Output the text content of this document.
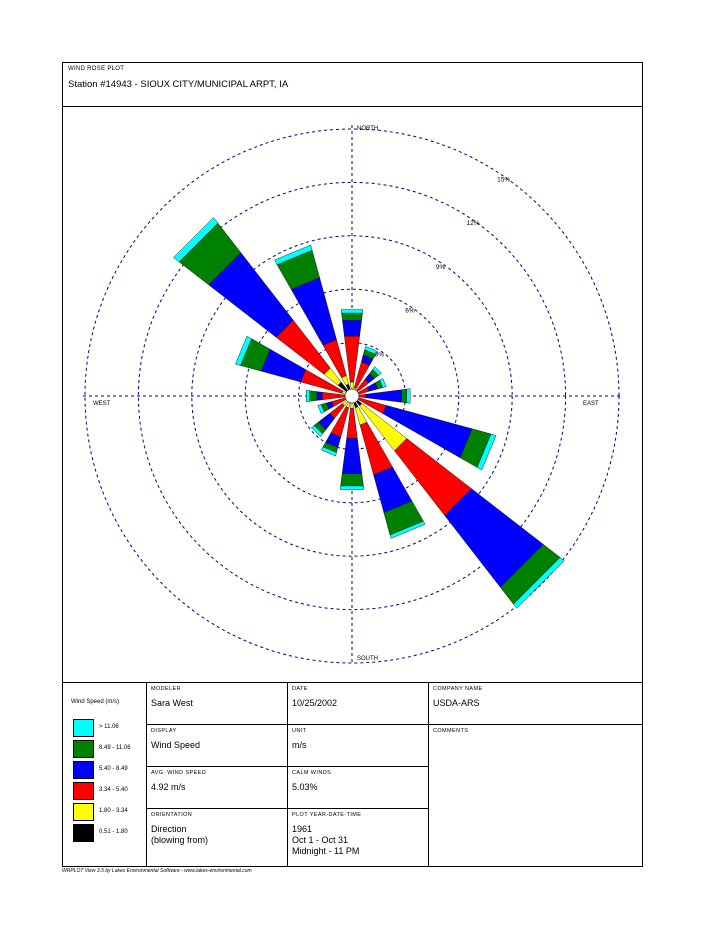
WIND ROSE PLOT
Station #14943 - SIOUX CITY/MUNICIPAL ARPT, IA
3%
6%
9%
12%
15%
NORTH
SOUTH
EAST
WEST
Wind Speed (m/s)
> 11.06
8.49 - 11.06
5.40 - 8.49
3.34 - 5.40
1.80 - 3.34
0.51 - 1.80
MODELER
Sara West
DATE
10/25/2002
COMPANY NAME
USDA-ARS
DISPLAY
Wind Speed
UNIT
m/s
COMMENTS
AVG. WIND SPEED
4.92 m/s
CALM WINDS
5.03%
ORIENTATION
Direction
(blowing from)
PLOT YEAR-DATE-TIME
1961
Oct 1 - Oct 31
Midnight - 11 PM
WRPLOT View 3.5 by Lakes Environmental Software - www.lakes-environmental.com
